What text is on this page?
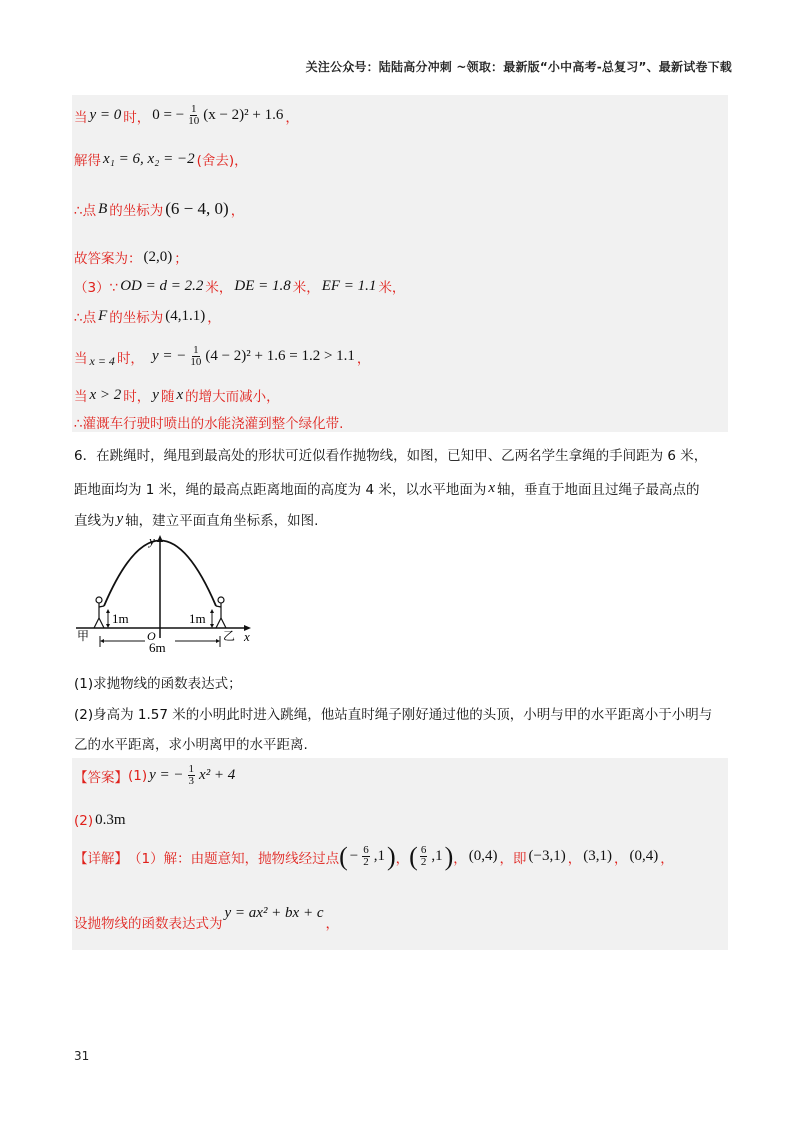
关注公众号：陆陆高分冲刺 ~领取：最新版“小中高考-总复习”、最新试卷下载
当 y = 0 时， 0 = − $\frac{1}{10} (x - 2)^2 + 1.6$ ，
解得 x₁ = 6, x₂ = −2 (舍去) ，
∴点 B 的坐标为 (6 − 4, 0) ，
故答案为： (2,0) ；
（3）∵ OD = d = 2.2 米， DE = 1.8 米， EF = 1.1 米，
∴点 F 的坐标为 (4,1.1) ，
当 x = 4 时， y = − $\frac{1}{10} (4 - 2)^2 + 1.6 = 1.2 > 1.1$ ，
当 x > 2 时， y 随 x 的增大而减小，
∴灌溉车行驶时喷出的水能浇灌到整个绿化带.
6．在跳绳时，绳甩到最高处的形状可近似看作抛物线，如图，已知甲、乙两名学生拿绳的手间距为 6 米，
距地面均为 1 米，绳的最高点距离地面的高度为 4 米，以水平地面为 x 轴，垂直于地面且过绳子最高点的
直线为 y 轴，建立平面直角坐标系，如图.
y
x
O
1m	1m
6m
甲	乙
(1)求抛物线的函数表达式；
(2)身高为 1.57 米的小明此时进入跳绳，他站直时绳子刚好通过他的头顶，小明与甲的水平距离小于小明与
乙的水平距离，求小明离甲的水平距离.
【答案】 (1) y = − $\frac{1}{3} x^2 + 4$
(2) 0.3m
【详解】 （1）解：由题意知，抛物线经过点 ( − $\frac{6}{2} ,1$ ) ， ( $\frac{6}{2} ,1$ ) ， (0,4) ， 即 (−3,1) ， (3,1) ， (0,4) ，
设抛物线的函数表达式为
y = ax² + bx + c
，
31
